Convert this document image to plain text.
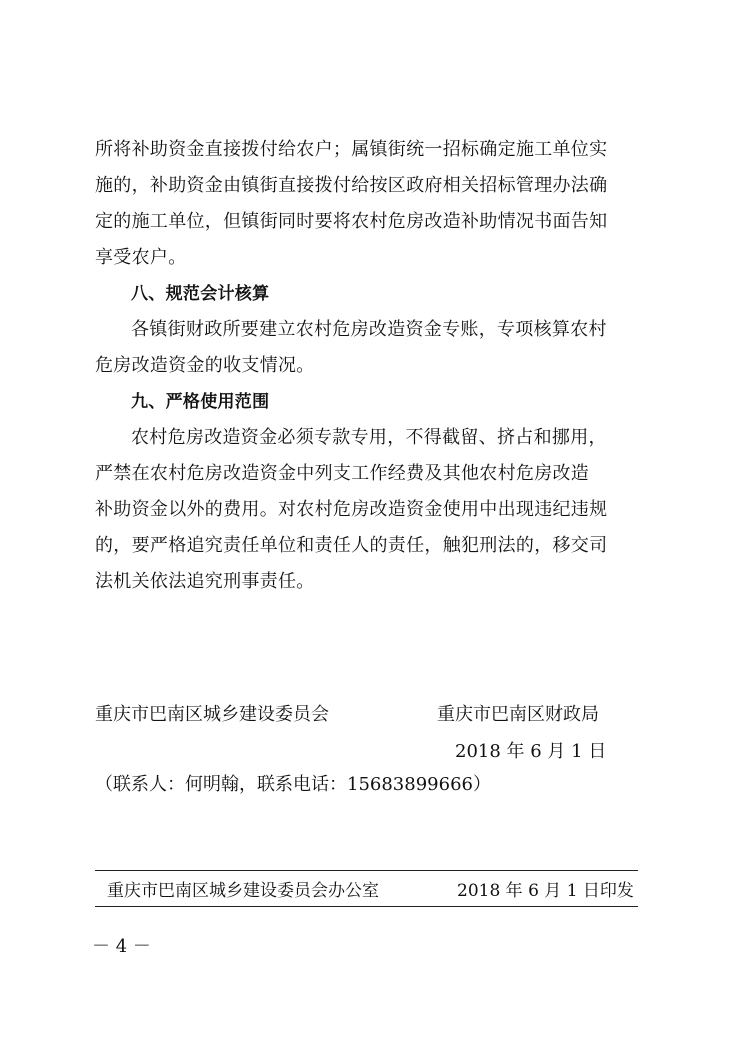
所将补助资金直接拨付给农户；属镇街统一招标确定施工单位实
施的，补助资金由镇街直接拨付给按区政府相关招标管理办法确
定的施工单位，但镇街同时要将农村危房改造补助情况书面告知
享受农户。
八、规范会计核算
各镇街财政所要建立农村危房改造资金专账，专项核算农村
危房改造资金的收支情况。
九、严格使用范围
农村危房改造资金必须专款专用，不得截留、挤占和挪用，
严禁在农村危房改造资金中列支工作经费及其他农村危房改造
补助资金以外的费用。对农村危房改造资金使用中出现违纪违规
的，要严格追究责任单位和责任人的责任，触犯刑法的，移交司
法机关依法追究刑事责任。
重庆市巴南区城乡建设委员会	重庆市巴南区财政局
2018 年 6 月 1 日
（联系人：何明翰，联系电话：15683899666）
重庆市巴南区城乡建设委员会办公室	2018 年 6 月 1 日印发
－ 4 －
